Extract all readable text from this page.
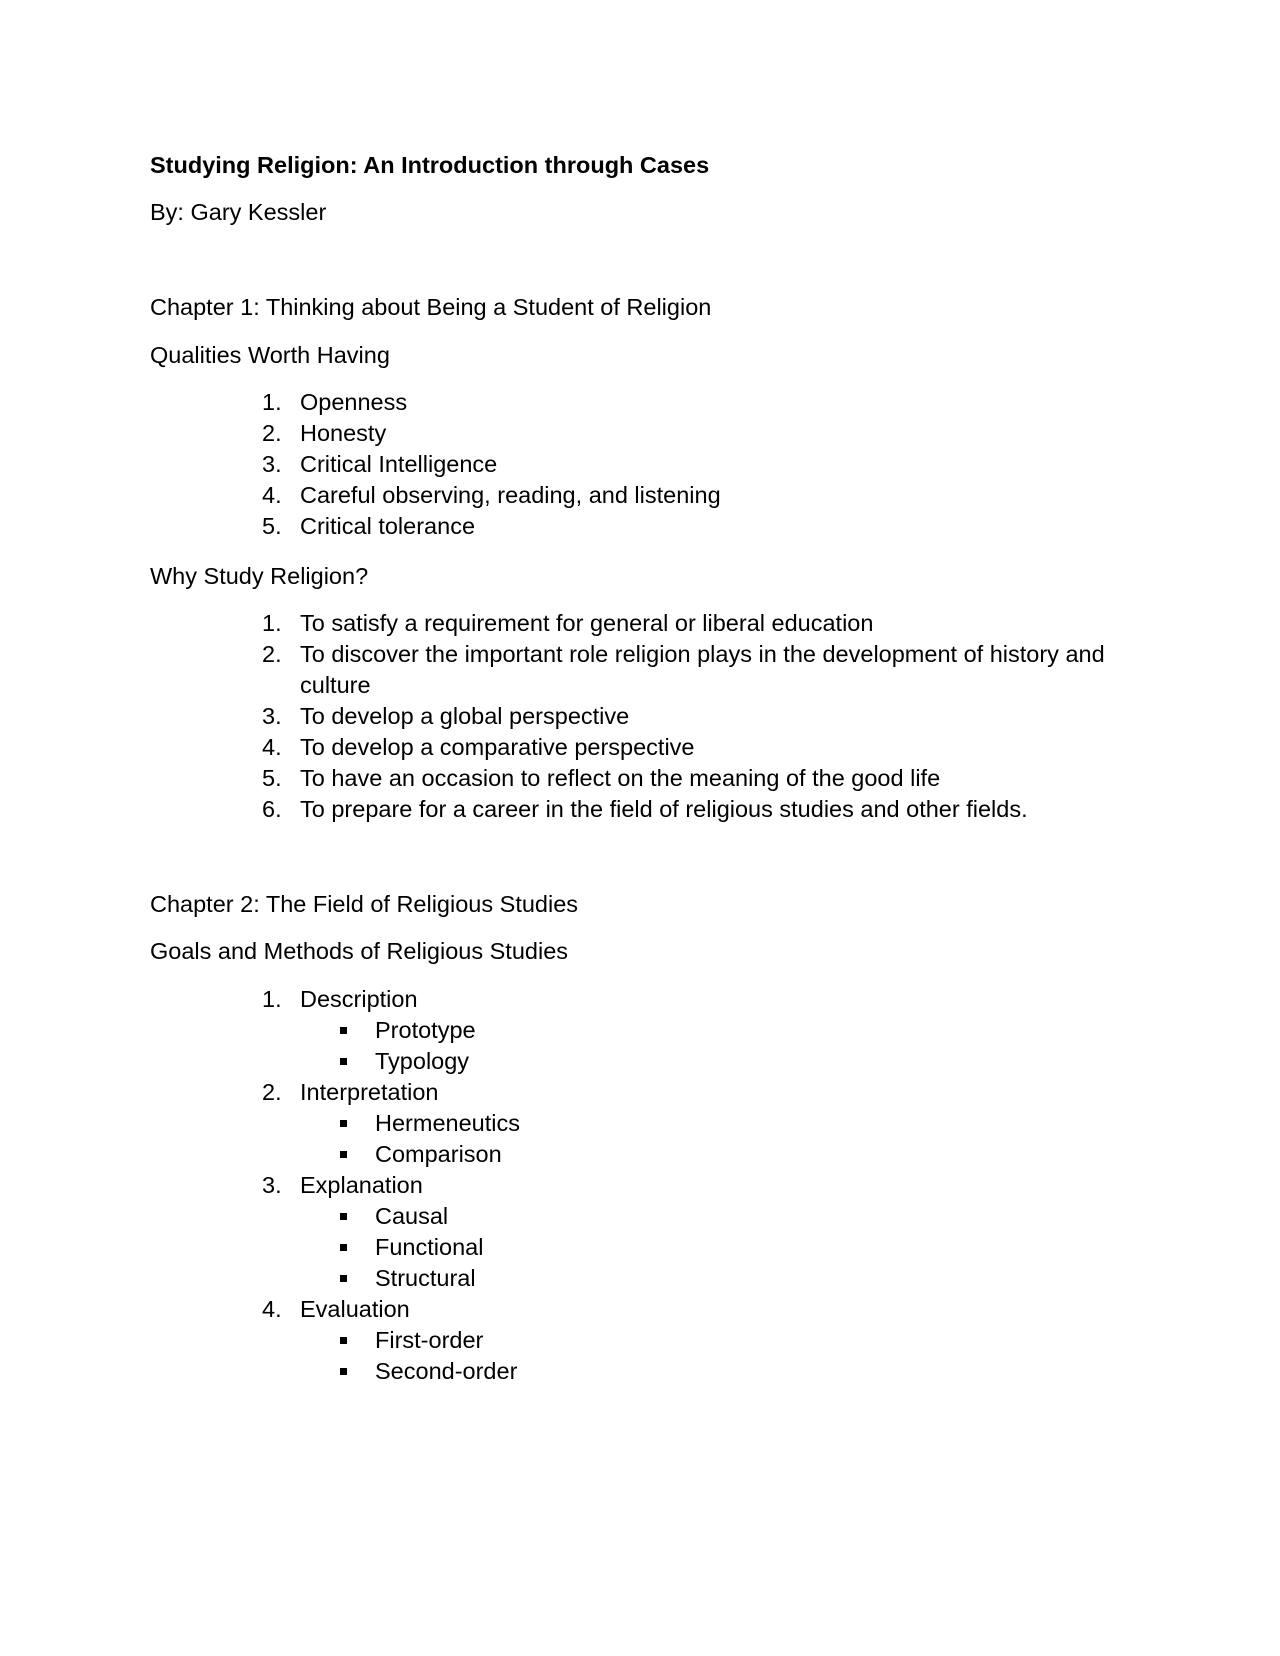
Studying Religion: An Introduction through Cases
By: Gary Kessler
Chapter 1: Thinking about Being a Student of Religion
Qualities Worth Having
1. Openness
2. Honesty
3. Critical Intelligence
4. Careful observing, reading, and listening
5. Critical tolerance
Why Study Religion?
1. To satisfy a requirement for general or liberal education
2. To discover the important role religion plays in the development of history and culture
3. To develop a global perspective
4. To develop a comparative perspective
5. To have an occasion to reflect on the meaning of the good life
6. To prepare for a career in the field of religious studies and other fields.
Chapter 2: The Field of Religious Studies
Goals and Methods of Religious Studies
1. Description
Prototype
Typology
2. Interpretation
Hermeneutics
Comparison
3. Explanation
Causal
Functional
Structural
4. Evaluation
First-order
Second-order
